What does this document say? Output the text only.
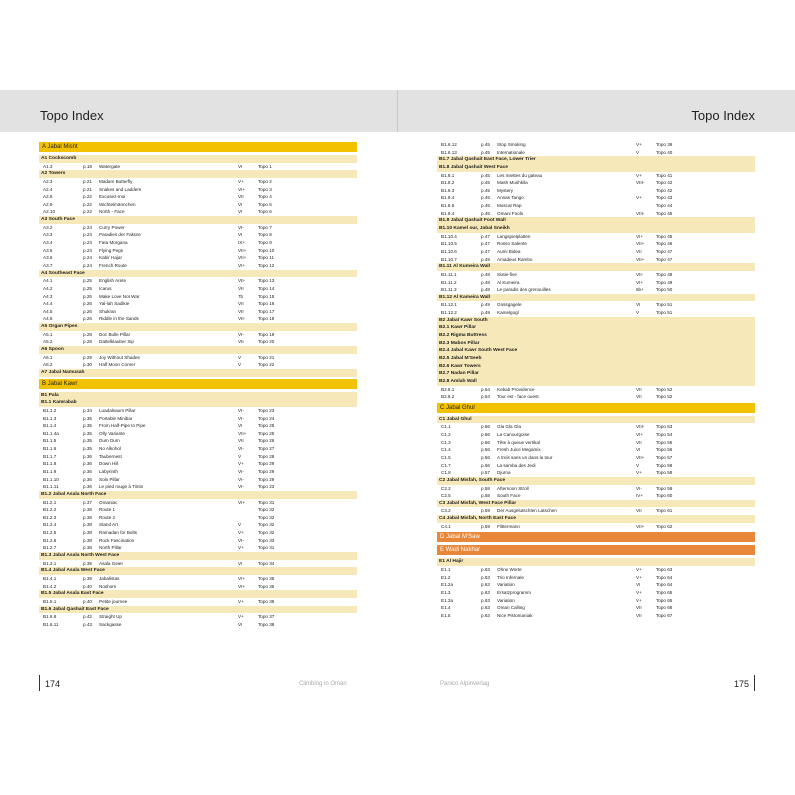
Topo Index	Topo Index
A Jabal Misht
A1 Cockscomb
A1.3	p.18 Watergate	VI	Topo 1
A2 Towers
A2.3	p.21 Madam Butterfly	V+	Topo 2
A2.4	p.21 Snakes and Ladders	VI+	Topo 3
A2.8	p.22 Excusez-moi	VII	Topo 4
A2.9	p.22 Wichtelmännchen	VI	Topo 5
A2.10	p.22 North - Face	VI	Topo 6
A3 South Face
A3.2	p.24 Curry Power	VI-	Topo 7
A3.3	p.24 Paradies der Faküre	VI	Topo 8
A3.4	p.24 Fata Morgana	IX+	Topo 9
A3.5	p.24 Flying Pegs	VII+	Topo 10
A3.6	p.24 Kabir Hajar	VII+	Topo 11
A3.7	p.24 French Route	VI+	Topo 12
A4 Southeast Face
A4.1	p.25 English Arete	VII-	Topo 13
A4.2	p.25 Icarus	VII	Topo 14
A4.3	p.26 Make Love Not War	7b	Topo 15
A4.4	p.26 Yal-lah Sadikie	VII	Topo 16
A4.5	p.26 Shukran	VII	Topo 17
A4.6	p.26 Riddle in the Sands	VII-	Topo 18
A5 Organ Pipes
A5.1	p.28 Doc Bulle Pillar	VI-	Topo 19
A5.2	p.28 Dattelklauber Sip	VII	Topo 20
A6 Spoon
A6.1	p.29 Joy Without Shades	V	Topo 21
A6.2	p.30 Half Moon Corner	V	Topo 22
A7 Jabal Namusah
B Jabal Kawr
B1 Pala
B1.1 Kamrabab
B1.1.2	p.34 Luadalsaum Pillar	VI-	Topo 23
B1.1.3	p.35 Portable Minibar	VI-	Topo 24
B1.1.4	p.35 From Half-Pipe to Pipe	VI	Topo 25
B1.1.4a	p.35 Olly Variante	VII+	Topo 25
B1.1.5	p.35 Dum Dum	VII	Topo 26
B1.1.6	p.35 No Alkohol	VI-	Topo 27
B1.1.7	p.36 Taubernest	V	Topo 28
B1.1.8	p.36 Down Hill	V+	Topo 29
B1.1.9	p.36 Labyrinth	VI-	Topo 29
B1.1.10	p.36 Solo Pillar	VI-	Topo 29
B1.1.11	p.36 Le pied rouge à Tintin	VI-	Topo 23
B1.2 Jabal Asala North Face
B1.2.1	p.37 Omaniac	VI+	Topo 31
B1.2.2	p.38 Route 1	Topo 32
B1.2.3	p.38 Route 2	Topo 32
B1.2.4	p.38 Stand Art	V	Topo 32
B1.2.5	p.38 Ramadan for Bolts	V+	Topo 32
B1.2.6	p.38 Rock Fascination	VI-	Topo 33
B1.2.7	p.38 North Pillar	V+	Topo 31
B1.3 Jabal Asala North West Face
B1.3.1	p.39 Asala Geier	VI	Topo 34
B1.4 Jabal Asala West Face
B1.4.1	p.39 Jabalistas	VI+	Topo 35
B1.4.2	p.40 Noshorn	VI+	Topo 35
B1.5 Jabal Asala East Face
B1.5.1	p.40 Petite journee	V+	Topo 36
B1.6 Jabal Qashait East Face
B1.6.8	p.42 Straight Up	V+	Topo 37
B1.6.11	p.43 Sackgasse	VI	Topo 38
B1.6.12	p.45 Stop Smoking	V+	Topo 39
B1.6.13	p.45 Internationale	V	Topo 40
B1.7 Jabal Qashait East Face, Lower Trier
B1.8 Jabal Qashait West Face
B1.8.1	p.45 Les miettes du gateau	V+	Topo 41
B1.8.2	p.45 Mash Mushkila	VIII-	Topo 42
B1.8.3	p.45 Mystery	Topo 42
B1.8.4	p.45 Annas Tango	V+	Topo 43
B1.8.5	p.45 Muscat Rap	Topo 44
B1.8.4	p.45 Omani Fools	VIII-	Topo 45
B1.9 Jabal Qashait Foot Wall
B1.10 Kamel our, Jabal Sneikh
B1.10.4	p.47 Langspielplatten	VI+	Topo 45
B1.10.5	p.47 Rosso Salente	VII+	Topo 46
B1.10.6	p.47 Aumi Bidea	VII	Topo 47
B1.10.7	p.48 Amadeus Rambo	VII+	Topo 47
B1.11 Al Kumeira Wall
B1.11.1	p.48 Sixtie-five	VII-	Topo 48
B1.11.2	p.48 Al Kumeira	VI+	Topo 49
B1.11.3	p.48 Le paradis des grenouilles	6b+	Topo 50
B1.12 Al Kameira Wall
B1.12.1	p.49 Gossgagele	VI	Topo 51
B1.12.2	p.49 Kamelgogl	V	Topo 51
B2 Jabal Kawr South
B2.1 Kawr Pillar
B2.2 Rigma Buttress
B2.3 Mabos Pillar
B2.4 Jabal Kawr South West Face
B2.5 Jabal M'Seeb
B2.6 Kawr Towers
B2.7 Nadan Pillar
B2.8 Amlah Wall
B2.8.1	p.54 Kebab Providence	VII	Topo 52
B2.8.2	p.54 Tour est - face ouest	VII	Topo 52
C Jabal Ghul
C1 Jabal Ghul
C1.1	p.56 Gla Gla Gla	VIII-	Topo 53
C1.2	p.56 La Canourgoise	VI+	Topo 54
C1.3	p.56 Tête à queue vertikal	VII	Topo 55
C1.4	p.56 Fresh Juice Megamix	VI	Topo 56
C1.5	p.56 A trois sans un dans la tour	VII+	Topo 57
C1.7	p.56 La samba des Jedi	V	Topo 58
C1.8	p.57 Djurna	V+	Topo 58
C2 Jabal Misfah, South Face
C2.2	p.58 Afternoon Stroll	VI-	Topo 59
C2.5	p.58 South Face	IV+	Topo 60
C3 Jabal Misfah, West Face Pillar
C3.2	p.59 Der Ausgelutschten Latschen	VII	Topo 61
C4 Jabal Misfah, North East Face
C4.1	p.59 Flittermann	VII+	Topo 62
D Jabal M'Saw
E Wadi Nakhar
E1 Al Hajir
E1.1	p.63 Ohne Worte	V+	Topo 63
E1.2	p.63 Trio Infernale	V+	Topo 64
E1.2a	p.63 Variation	VI	Topo 64
E1.3	p.63 Ersatzprogramm	V+	Topo 65
E1.3a	p.63 Variation	V+	Topo 65
E1.4	p.63 Oman Calling	VII	Topo 66
E1.5	p.63 Nice Pistomaniak	VII	Topo 67
174	Climbing in Oman	Panico Alpinverlag	175
